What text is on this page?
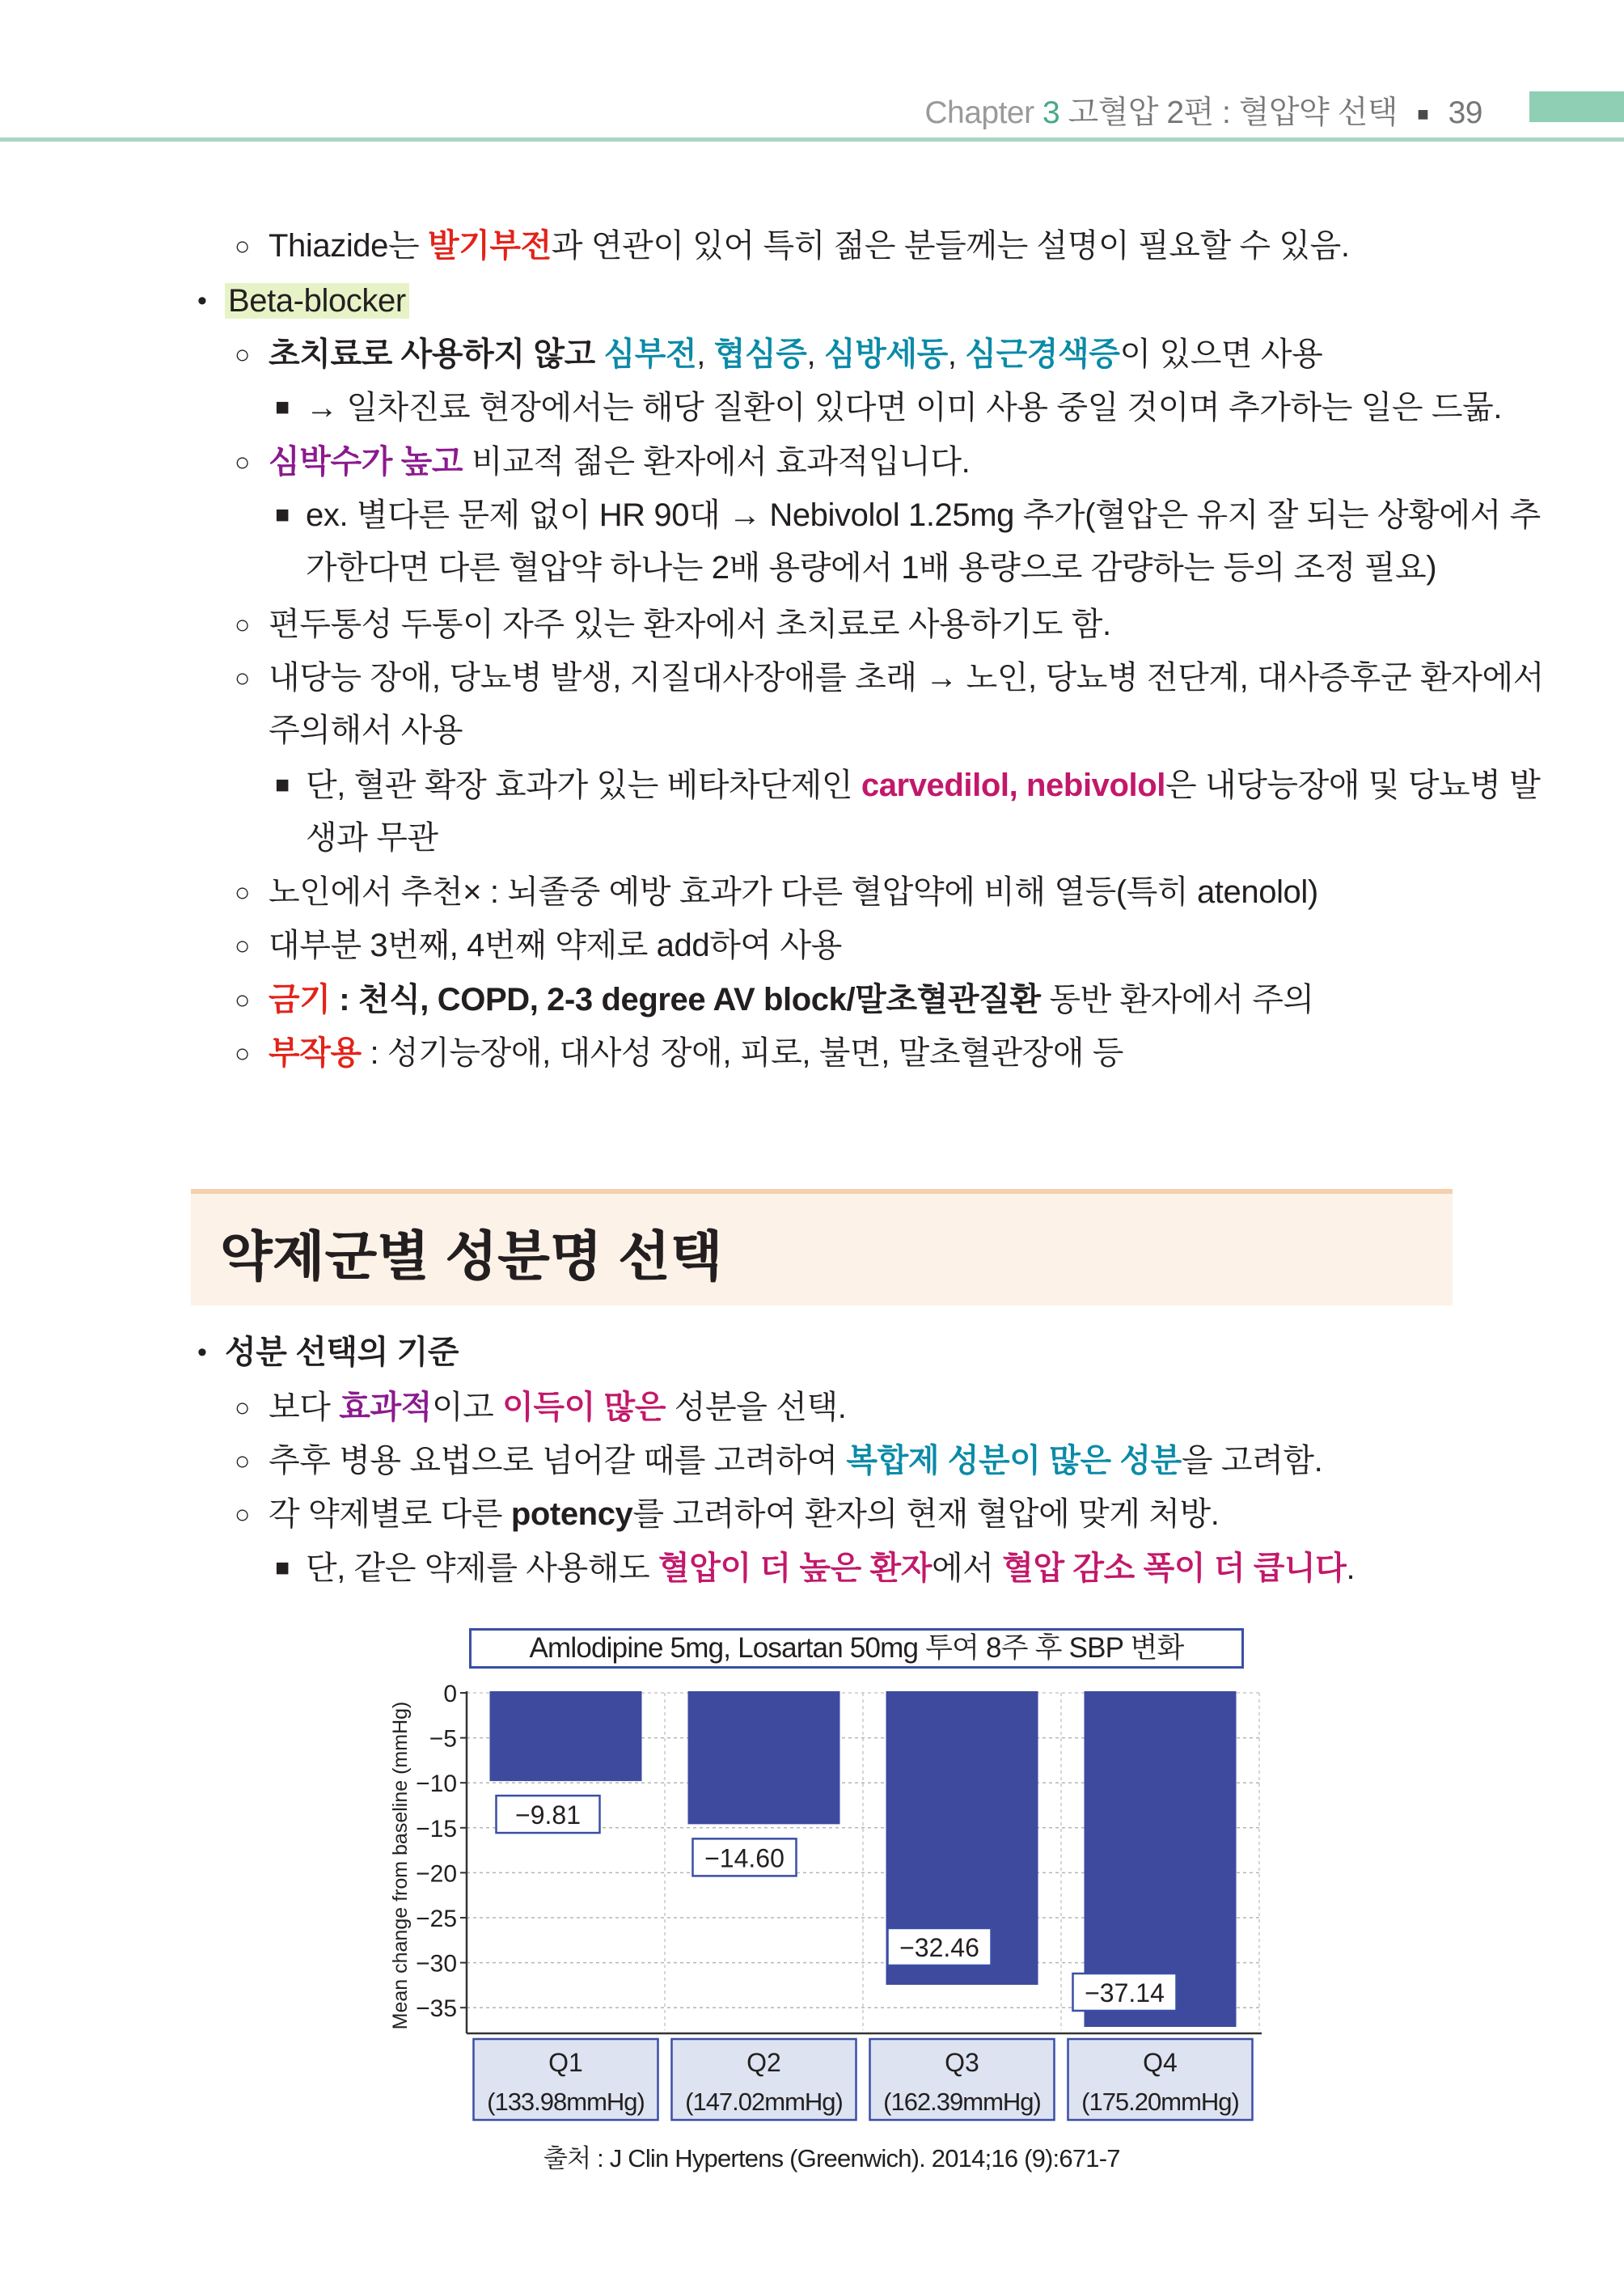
Chapter 3 고혈압 2편 : 혈압약 선택 ■ 39
○ Thiazide는 발기부전과 연관이 있어 특히 젊은 분들께는 설명이 필요할 수 있음.
• Beta-blocker
○ 초치료로 사용하지 않고 심부전, 협심증, 심방세동, 심근경색증이 있으면 사용
■ → 일차진료 현장에서는 해당 질환이 있다면 이미 사용 중일 것이며 추가하는 일은 드묾.
○ 심박수가 높고 비교적 젊은 환자에서 효과적입니다.
■ ex. 별다른 문제 없이 HR 90대 → Nebivolol 1.25mg 추가(혈압은 유지 잘 되는 상황에서 추
가한다면 다른 혈압약 하나는 2배 용량에서 1배 용량으로 감량하는 등의 조정 필요)
○ 편두통성 두통이 자주 있는 환자에서 초치료로 사용하기도 함.
○ 내당능 장애, 당뇨병 발생, 지질대사장애를 초래 → 노인, 당뇨병 전단계, 대사증후군 환자에서
주의해서 사용
■ 단, 혈관 확장 효과가 있는 베타차단제인 carvedilol, nebivolol은 내당능장애 및 당뇨병 발
생과 무관
○ 노인에서 추천× : 뇌졸중 예방 효과가 다른 혈압약에 비해 열등(특히 atenolol)
○ 대부분 3번째, 4번째 약제로 add하여 사용
○ 금기 : 천식, COPD, 2-3 degree AV block/말초혈관질환 동반 환자에서 주의
○ 부작용 : 성기능장애, 대사성 장애, 피로, 불면, 말초혈관장애 등
약제군별 성분명 선택
• 성분 선택의 기준
○ 보다 효과적이고 이득이 많은 성분을 선택.
○ 추후 병용 요법으로 넘어갈 때를 고려하여 복합제 성분이 많은 성분을 고려함.
○ 각 약제별로 다른 potency를 고려하여 환자의 현재 혈압에 맞게 처방.
■ 단, 같은 약제를 사용해도 혈압이 더 높은 환자에서 혈압 감소 폭이 더 큽니다.
Amlodipine 5mg, Losartan 50mg 투여 8주 후 SBP 변화
0
−5
−10
−15
−20
−25
−30
−35
Mean change from baseline (mmHg)	−9.81
−14.60
−32.46
−37.14
Q1
(133.98mmHg)
Q2
(147.02mmHg)
Q3
(162.39mmHg)
Q4
(175.20mmHg)
출처 : J Clin Hypertens (Greenwich). 2014;16 (9):671-7
